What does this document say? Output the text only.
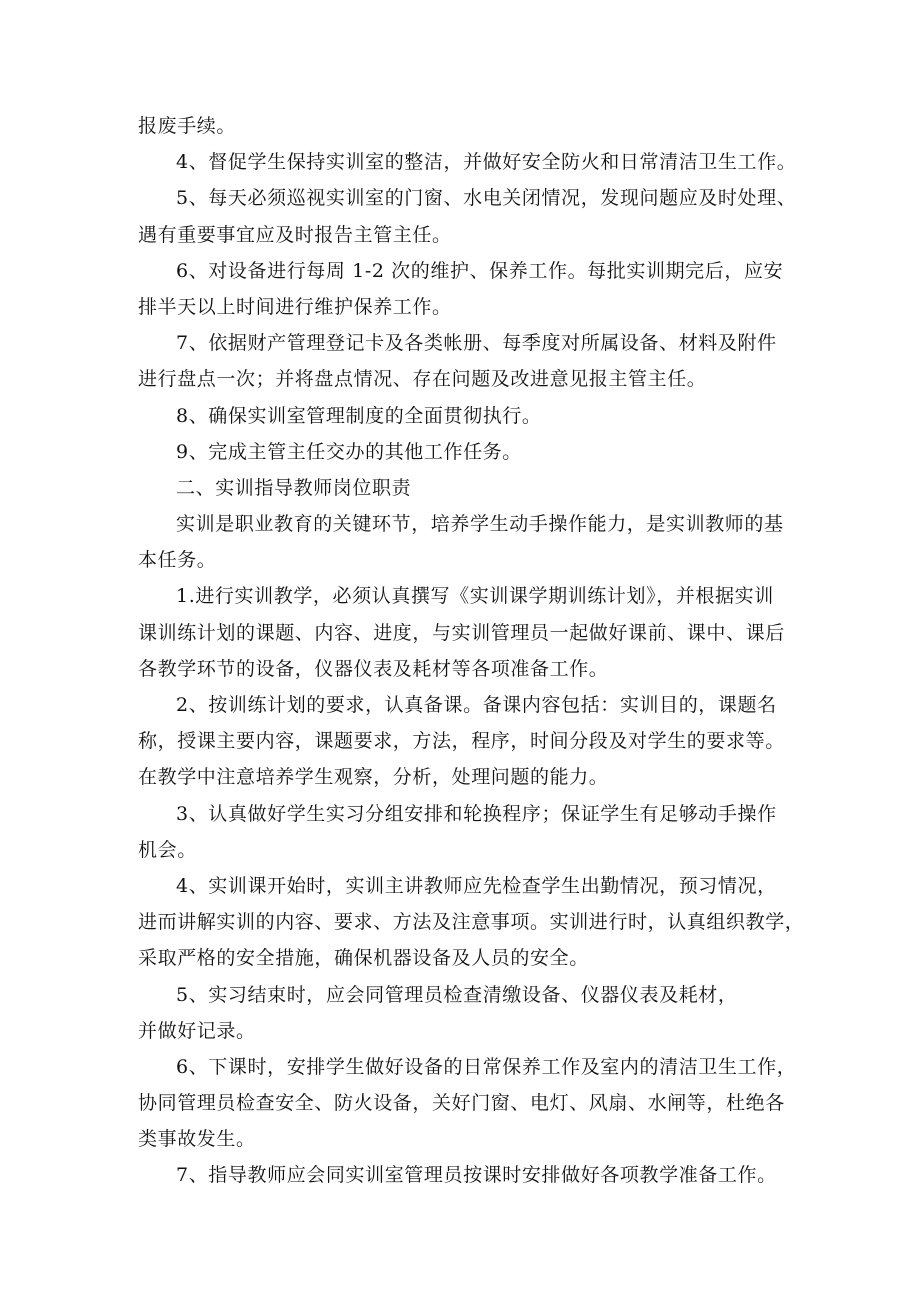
报废手续。
4、督促学生保持实训室的整洁，并做好安全防火和日常清洁卫生工作。
5、每天必须巡视实训室的门窗、水电关闭情况，发现问题应及时处理、
遇有重要事宜应及时报告主管主任。
6、对设备进行每周 1-2 次的维护、保养工作。每批实训期完后，应安
排半天以上时间进行维护保养工作。
7、依据财产管理登记卡及各类帐册、每季度对所属设备、材料及附件
进行盘点一次；并将盘点情况、存在问题及改进意见报主管主任。
8、确保实训室管理制度的全面贯彻执行。
9、完成主管主任交办的其他工作任务。
二、实训指导教师岗位职责
实训是职业教育的关键环节，培养学生动手操作能力，是实训教师的基
本任务。
1.进行实训教学，必须认真撰写《实训课学期训练计划》，并根据实训
课训练计划的课题、内容、进度，与实训管理员一起做好课前、课中、课后
各教学环节的设备，仪器仪表及耗材等各项准备工作。
2、按训练计划的要求，认真备课。备课内容包括：实训目的，课题名
称，授课主要内容，课题要求，方法，程序，时间分段及对学生的要求等。
在教学中注意培养学生观察，分析，处理问题的能力。
3、认真做好学生实习分组安排和轮换程序；保证学生有足够动手操作
机会。
4、实训课开始时，实训主讲教师应先检查学生出勤情况，预习情况，
进而讲解实训的内容、要求、方法及注意事项。实训进行时，认真组织教学，
采取严格的安全措施，确保机器设备及人员的安全。
5、实习结束时，应会同管理员检查清缴设备、仪器仪表及耗材，
并做好记录。
6、下课时，安排学生做好设备的日常保养工作及室内的清洁卫生工作，
协同管理员检查安全、防火设备，关好门窗、电灯、风扇、水闸等，杜绝各
类事故发生。
7、指导教师应会同实训室管理员按课时安排做好各项教学准备工作。
